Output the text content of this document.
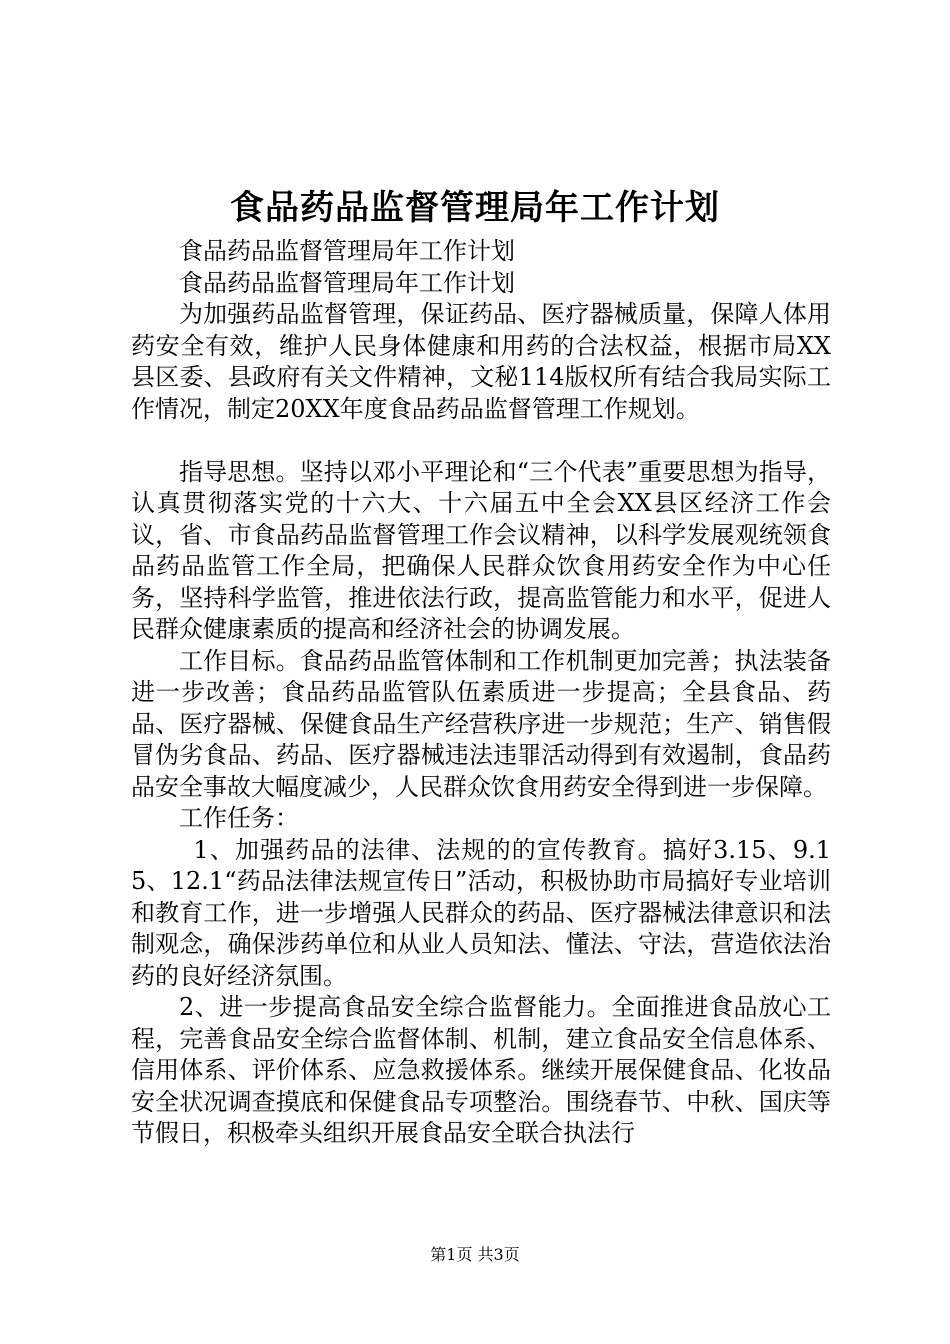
食品药品监督管理局年工作计划

食品药品监督管理局年工作计划

食品药品监督管理局年工作计划

为加强药品监督管理，保证药品、医疗器械质量，保障人体用药安全有效，维护人民身体健康和用药的合法权益，根据市局XX县区委、县政府有关文件精神，文秘114版权所有结合我局实际工作情况，制定20XX年度食品药品监督管理工作规划。

指导思想。坚持以邓小平理论和“三个代表”重要思想为指导，认真贯彻落实党的十六大、十六届五中全会XX县区经济工作会议，省、市食品药品监督管理工作会议精神，以科学发展观统领食品药品监管工作全局，把确保人民群众饮食用药安全作为中心任务，坚持科学监管，推进依法行政，提高监管能力和水平，促进人民群众健康素质的提高和经济社会的协调发展。

工作目标。食品药品监管体制和工作机制更加完善；执法装备进一步改善；食品药品监管队伍素质进一步提高；全县食品、药品、医疗器械、保健食品生产经营秩序进一步规范；生产、销售假冒伪劣食品、药品、医疗器械违法违罪活动得到有效遏制，食品药品安全事故大幅度减少，人民群众饮食用药安全得到进一步保障。

工作任务：

1、加强药品的法律、法规的的宣传教育。搞好3.15、9.15、12.1“药品法律法规宣传日”活动，积极协助市局搞好专业培训和教育工作，进一步增强人民群众的药品、医疗器械法律意识和法制观念，确保涉药单位和从业人员知法、懂法、守法，营造依法治药的良好经济氛围。

2、进一步提高食品安全综合监督能力。全面推进食品放心工程，完善食品安全综合监督体制、机制，建立食品安全信息体系、信用体系、评价体系、应急救援体系。继续开展保健食品、化妆品安全状况调查摸底和保健食品专项整治。围绕春节、中秋、国庆等节假日，积极牵头组织开展食品安全联合执法行

第1页 共3页
